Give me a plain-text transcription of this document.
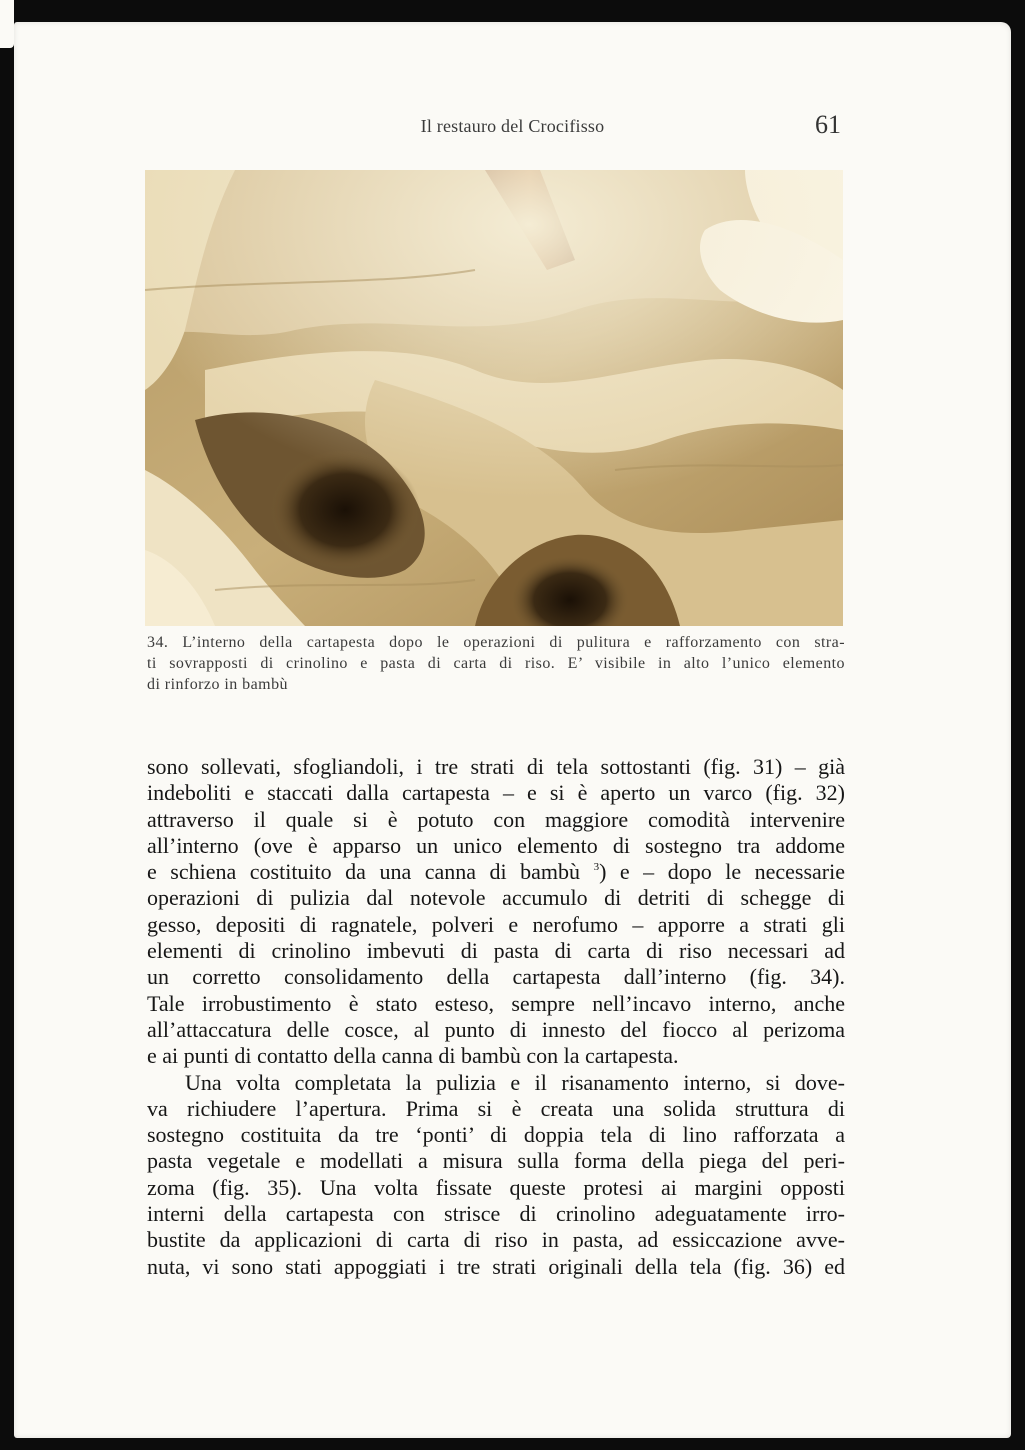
Il restauro del Crocifisso	61
34. L’interno della cartapesta dopo le operazioni di pulitura e rafforzamento con stra-
ti sovrapposti di crinolino e pasta di carta di riso. E’ visibile in alto l’unico elemento
di rinforzo in bambù
sono sollevati, sfogliandoli, i tre strati di tela sottostanti (fig. 31) – già
indeboliti e staccati dalla cartapesta – e si è aperto un varco (fig. 32)
attraverso il quale si è potuto con maggiore comodità intervenire
all’interno (ove è apparso un unico elemento di sostegno tra addome
e schiena costituito da una canna di bambù $^3$) e – dopo le necessarie
operazioni di pulizia dal notevole accumulo di detriti di schegge di
gesso, depositi di ragnatele, polveri e nerofumo – apporre a strati gli
elementi di crinolino imbevuti di pasta di carta di riso necessari ad
un corretto consolidamento della cartapesta dall’interno (fig. 34).
Tale irrobustimento è stato esteso, sempre nell’incavo interno, anche
all’attaccatura delle cosce, al punto di innesto del fiocco al perizoma
e ai punti di contatto della canna di bambù con la cartapesta.
Una volta completata la pulizia e il risanamento interno, si dove-
va richiudere l’apertura. Prima si è creata una solida struttura di
sostegno costituita da tre ‘ponti’ di doppia tela di lino rafforzata a
pasta vegetale e modellati a misura sulla forma della piega del peri-
zoma (fig. 35). Una volta fissate queste protesi ai margini opposti
interni della cartapesta con strisce di crinolino adeguatamente irro-
bustite da applicazioni di carta di riso in pasta, ad essiccazione avve-
nuta, vi sono stati appoggiati i tre strati originali della tela (fig. 36) ed
